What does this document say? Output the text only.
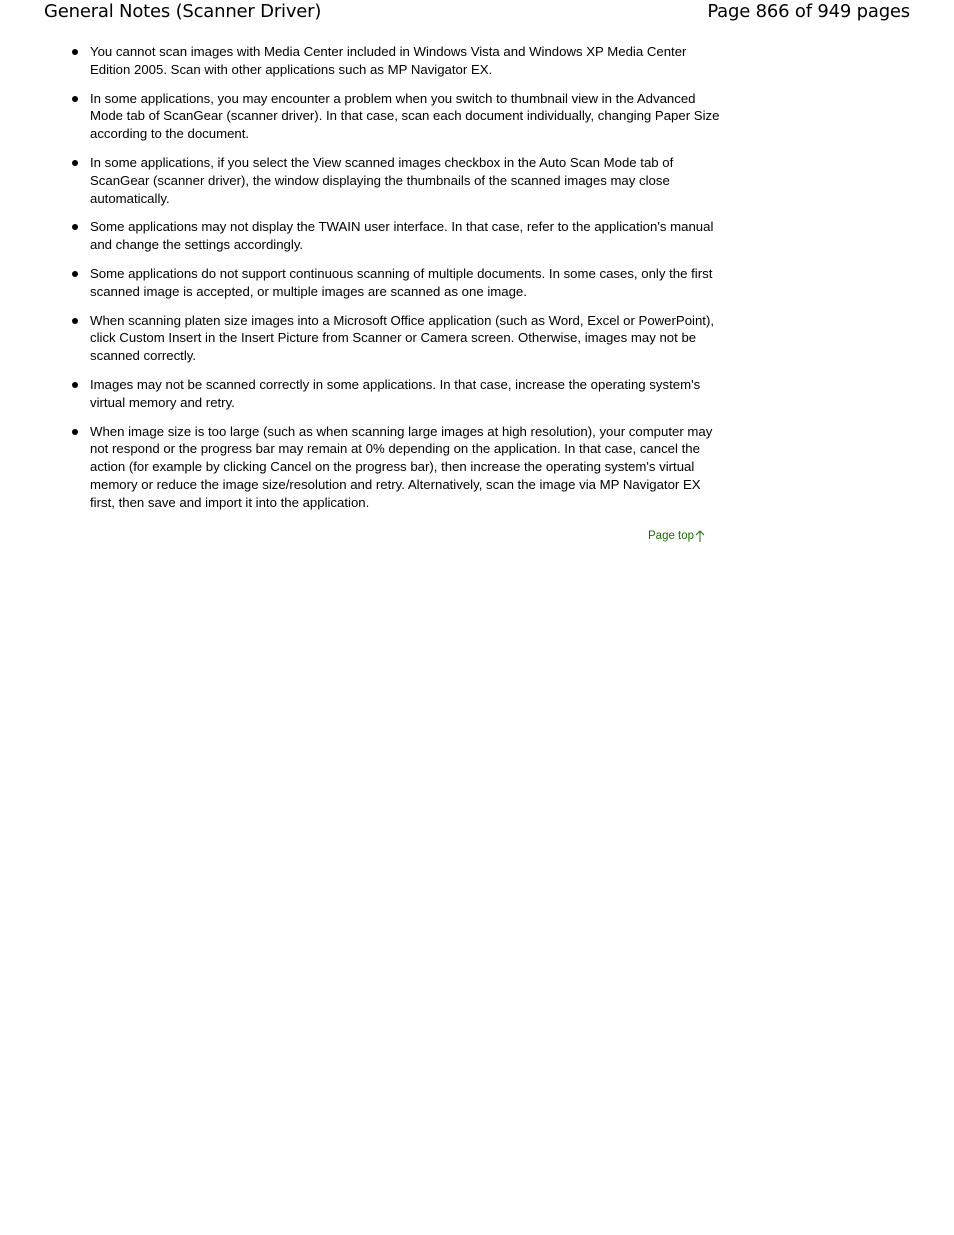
General Notes (Scanner Driver)	Page 866 of 949 pages
You cannot scan images with Media Center included in Windows Vista and Windows XP Media Center Edition 2005. Scan with other applications such as MP Navigator EX.
In some applications, you may encounter a problem when you switch to thumbnail view in the Advanced Mode tab of ScanGear (scanner driver). In that case, scan each document individually, changing Paper Size according to the document.
In some applications, if you select the View scanned images checkbox in the Auto Scan Mode tab of ScanGear (scanner driver), the window displaying the thumbnails of the scanned images may close automatically.
Some applications may not display the TWAIN user interface. In that case, refer to the application's manual and change the settings accordingly.
Some applications do not support continuous scanning of multiple documents. In some cases, only the first scanned image is accepted, or multiple images are scanned as one image.
When scanning platen size images into a Microsoft Office application (such as Word, Excel or PowerPoint), click Custom Insert in the Insert Picture from Scanner or Camera screen. Otherwise, images may not be scanned correctly.
Images may not be scanned correctly in some applications. In that case, increase the operating system's virtual memory and retry.
When image size is too large (such as when scanning large images at high resolution), your computer may not respond or the progress bar may remain at 0% depending on the application. In that case, cancel the action (for example by clicking Cancel on the progress bar), then increase the operating system's virtual memory or reduce the image size/resolution and retry. Alternatively, scan the image via MP Navigator EX first, then save and import it into the application.
Page top
